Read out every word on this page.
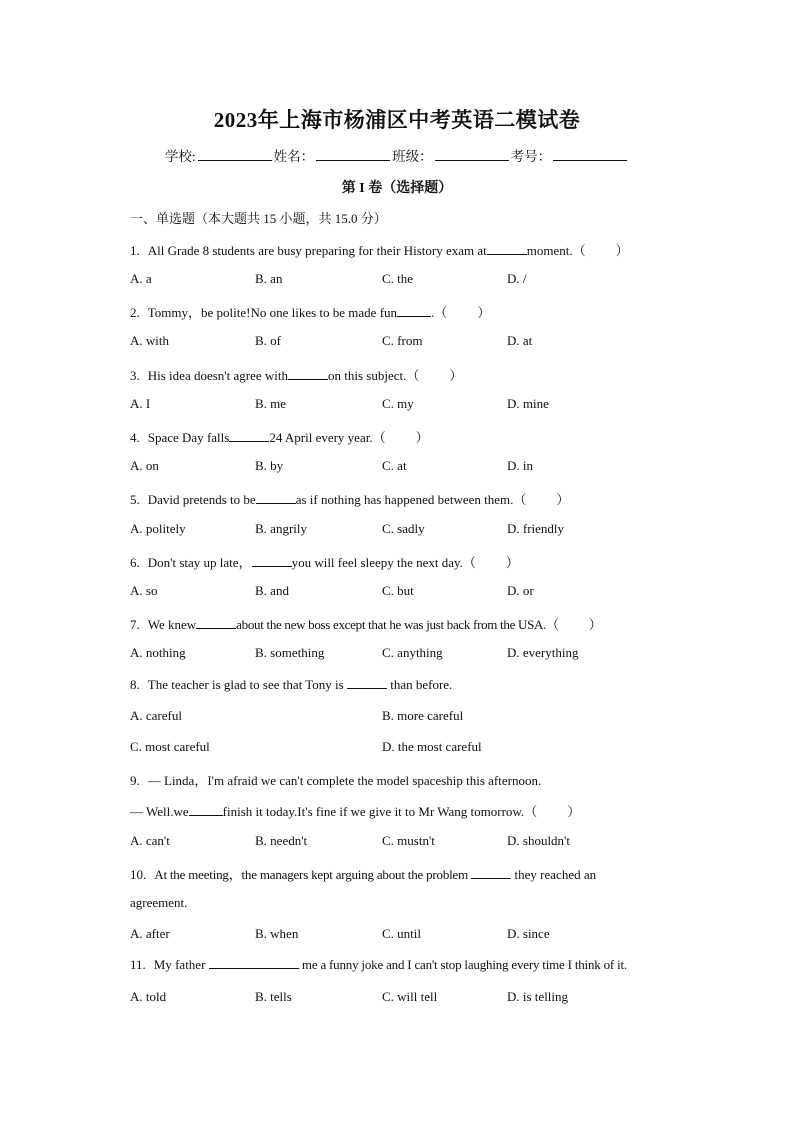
2023年上海市杨浦区中考英语二模试卷
学校:	姓名：	班级：	考号：
第 I 卷（选择题）
一、单选题（本大题共 15 小题，共 15.0 分）
1. All Grade 8 students are busy preparing for their History exam at	moment.（ ）
A. a	B. an	C. the	D. /
2. Tommy，be polite!No one likes to be made fun	.（ ）
A. with	B. of	C. from	D. at
3. His idea doesn't agree with	on this subject.（ ）
A. I	B. me	C. my	D. mine
4. Space Day falls	24 April every year.（ ）
A. on	B. by	C. at	D. in
5. David pretends to be	as if nothing has happened between them.（ ）
A. politely	B. angrily	C. sadly	D. friendly
6. Don't stay up late，	you will feel sleepy the next day.（ ）
A. so	B. and	C. but	D. or
7. We knew	about the new boss except that he was just back from the USA.（ ）
A. nothing	B. something	C. anything	D. everything
8. The teacher is glad to see that Tony is	than before.
A. careful	B. more careful
C. most careful	D. the most careful
9. — Linda，I'm afraid we can't complete the model spaceship this afternoon.
— Well.we	finish it today.It's fine if we give it to Mr Wang tomorrow.（ ）
A. can't	B. needn't	C. mustn't	D. shouldn't
10. At the meeting，the managers kept arguing about the problem	they reached an
agreement.
A. after	B. when	C. until	D. since
11. My father	me a funny joke and I can't stop laughing every time I think of it.
A. told	B. tells	C. will tell	D. is telling
